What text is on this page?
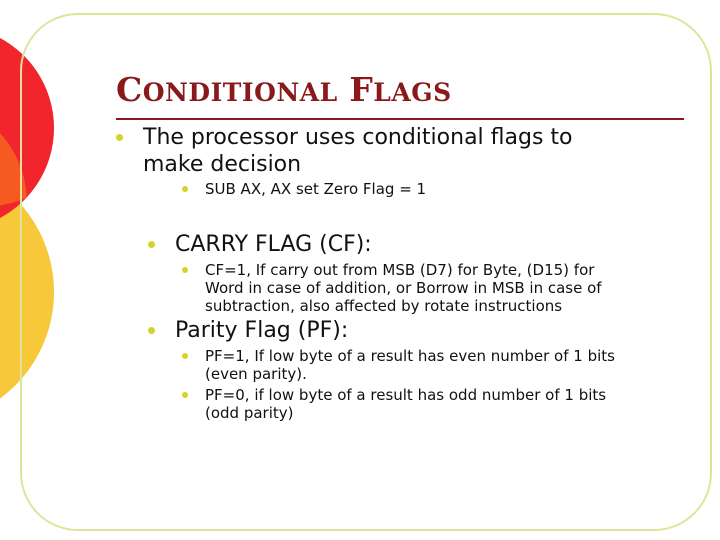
CONDITIONAL FLAGS
The processor uses conditional flags to
make decision
SUB AX, AX set Zero Flag = 1
CARRY FLAG (CF):
CF=1, If carry out from MSB (D7) for Byte, (D15) for
Word in case of addition, or Borrow in MSB in case of
subtraction, also affected by rotate instructions
Parity Flag (PF):
PF=1, If low byte of a result has even number of 1 bits
(even parity).
PF=0, if low byte of a result has odd number of 1 bits
(odd parity)
